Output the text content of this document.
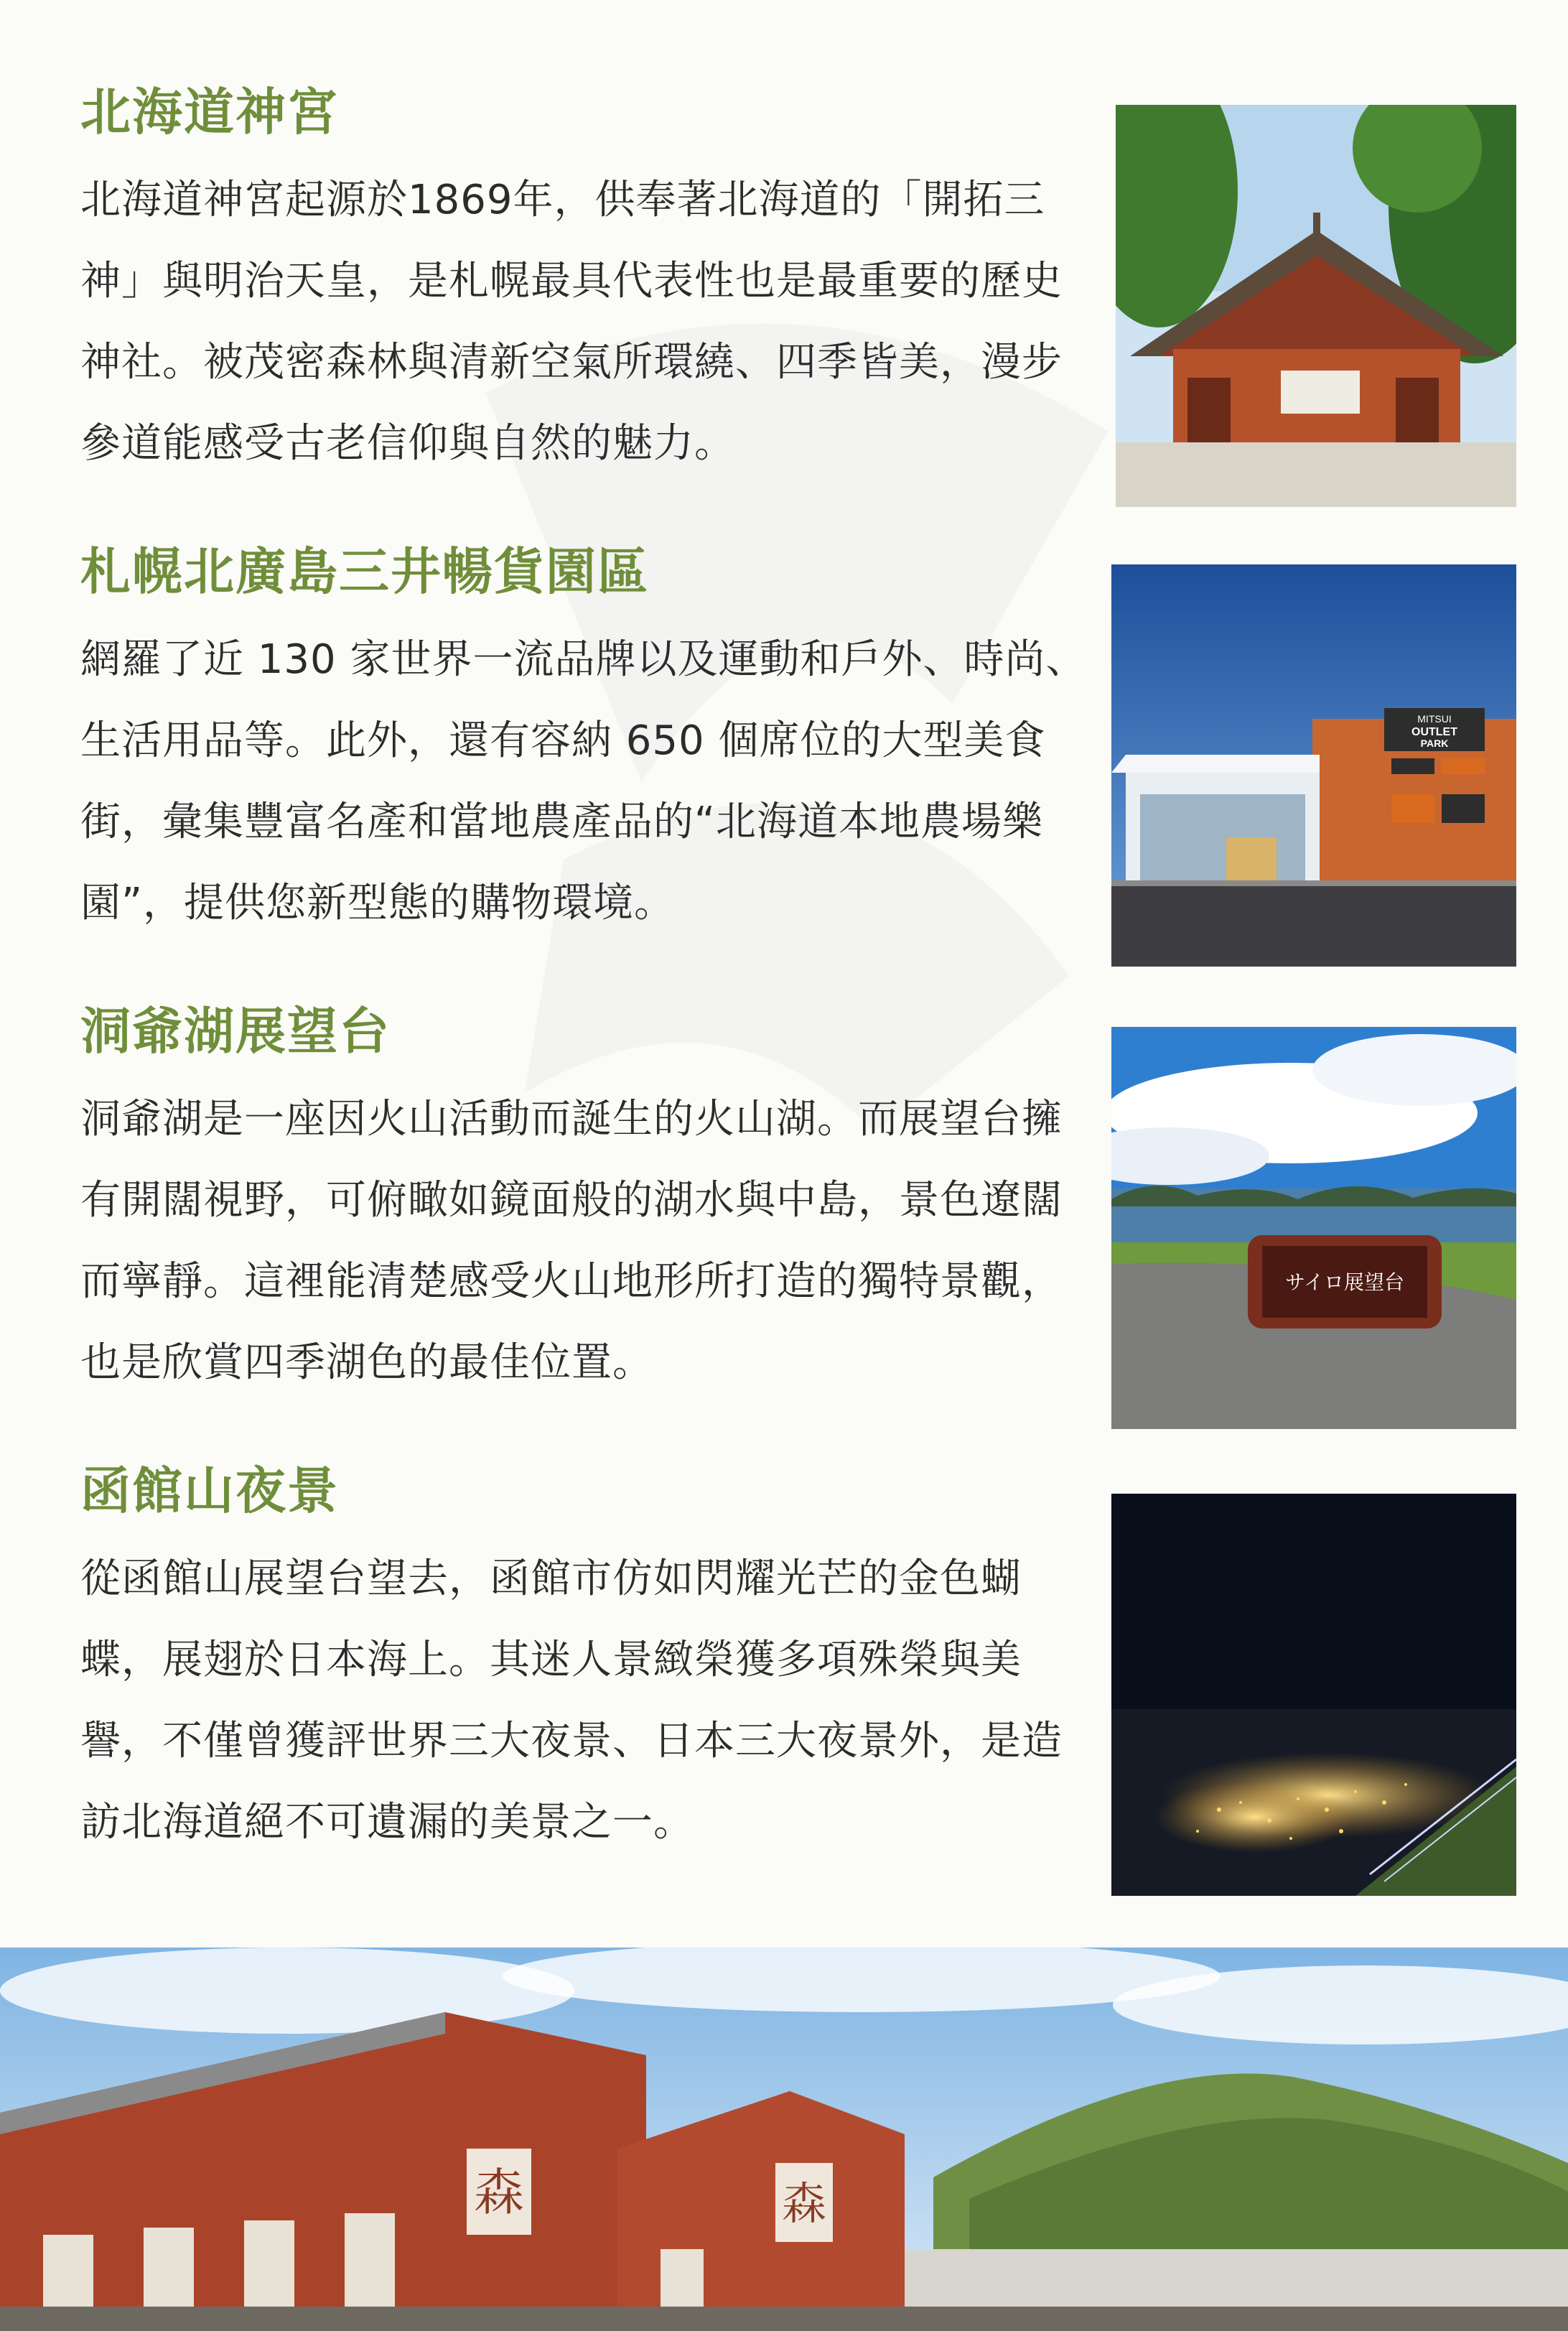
北海道神宮

北海道神宮起源於1869年，供奉著北海道的「開拓三神」與明治天皇，是札幌最具代表性也是最重要的歷史神社。被茂密森林與清新空氣所環繞、四季皆美，漫步參道能感受古老信仰與自然的魅力。

札幌北廣島三井暢貨園區

網羅了近 130 家世界一流品牌以及運動和戶外、時尚、生活用品等。此外，還有容納 650 個席位的大型美食街，彙集豐富名產和當地農產品的“北海道本地農場樂園”，提供您新型態的購物環境。

MITSUI
OUTLET
PARK
洞爺湖展望台

洞爺湖是一座因火山活動而誕生的火山湖。而展望台擁有開闊視野，可俯瞰如鏡面般的湖水與中島，景色遼闊而寧靜。這裡能清楚感受火山地形所打造的獨特景觀，也是欣賞四季湖色的最佳位置。

サイロ展望台
函館山夜景

從函館山展望台望去，函館市仿如閃耀光芒的金色蝴蝶，展翅於日本海上。其迷人景緻榮獲多項殊榮與美譽，不僅曾獲評世界三大夜景、日本三大夜景外，是造訪北海道絕不可遺漏的美景之一。

森	森
